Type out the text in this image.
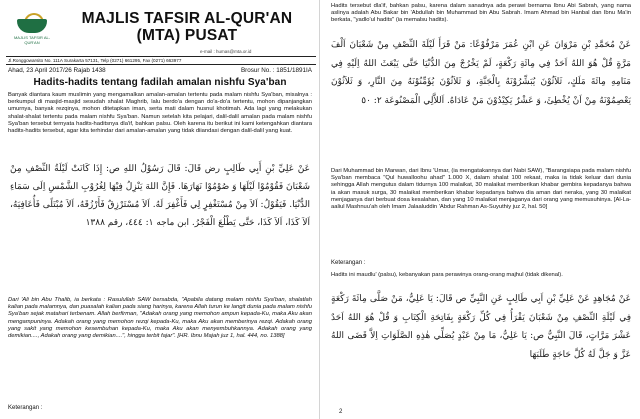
MAJLIS TAFSIR AL-QUR'AN
MAJLIS TAFSIR AL-QUR'AN
(MTA) PUSAT
e-mail : humas@mta.or.id
Jl.Ronggowarsito No. 111A Surakarta 57131, Telp (0271) 661295, Fax (0271) 663977
Ahad, 23 April 2017/26 Rajab 1438	Brosur No. : 1851/1891IA
Hadits-hadits tentang fadilah amalan nishfu Sya'ban
Banyak diantara kaum muslimin yang mengamalkan amalan-amalan tertentu pada malam nishfu Sya'ban, misalnya : berkumpul di masjid-masjid sesudah shalat Maghrib, lalu berdo'a dengan do'a-do'a tertentu, mohon dipanjangkan umurnya, banyak rezqinya, mohon ditetapkan iman, serta mati dalam husnul khotimah. Ada lagi yang melakukan shalat-shalat tertentu pada malam nishfu Sya'ban. Namun setelah kita pelajari, dalil-dalil amalan pada malam nishfu Sya'ban tersebut ternyata hadits-haditsnya dla'if, bahkan palsu. Oleh karena itu berikut ini kami ketengahkan diantara hadits-hadits tersebut, agar kita terhindar dari amalan-amalan yang tidak diiandasi dengan dalil-dalil yang kuat.
عَنْ عَلِيِّ بْنِ أَبِي طَالِبٍ رض قَالَ: قَالَ رَسُوْلُ اللهِ ص: إِذَا كَانَتْ لَيْلَةُ النِّصْفِ مِنْ شَعْبَانَ فَقُوْمُوْا لَيْلَهَا وَ صُوْمُوْا نَهَارَهَا. فَإِنَّ اللهَ يَنْزِلُ فِيْهَا لِغُرُوْبِ الشَّمْسِ اِلَى سَمَاءِ الدُّنْيَا. فَيَقُوْلُ: اَلاَ مِنْ مُسْتَغْفِرٍ لِي فَأَغْفِرَ لَهُ. اَلاَ مُسْتَرْزِقٌ فَأَرْزُقَهُ، اَلاَ مُبْتَلًى فَأُعَافِيَهُ، اَلاَ كَذَا، اَلاَ كَذَا، حَتَّى يَطْلُعَ الْفَجْرُ. ابن ماجه ١: ٤٤٤، رقم ١٣٨٨
Dari 'Ali bin Abu Thalib, ia berkata : Rasulullah SAW bersabda, "Apabila datang malam nishfu Sya'ban, shalatlah kalian pada malamnya, dan puasalah kalian pada siang harinya, karena Allah turun ke langit dunia pada malam nishfu Sya'ban sejak matahari terbenam. Allah berfirman, "Adakah orang yang memohon ampun kepada-Ku, maka Aku akan mengampuninya. Adakah orang yang memohon rezqi kepada-Ku, maka Aku akan memberinya rezqi. Adakah orang yang sakit yang memohon kesembuhan kepada-Ku, maka Aku akan menyembuhkannya. Adakah orang yang demikian...., Adakah orang yang demikian....", hingga terbit fajar". [HR. Ibnu Majah juz 1, hal. 444, no. 1388]
Keterangan :
Hadits tersebut dla'if, bahkan palsu, karena dalam sanadnya ada perawi bernama Ibnu Abi Sabrah, yang nama aslinya adalah Abu Bakar bin 'Abdullah bin Muhammad bin Abu Sabrah. Imam Ahmad bin Hanbal dan Ibnu Ma'in berkata, "yadlo'ul hadits" (ia memalsu hadits).
عَنْ مُحَمَّدِ بْنِ مَرْوَانَ عَنِ ابْنِ عُمَرَ مَرْفُوْعًا: مَنْ قَرَأَ لَيْلَةَ النِّصْفِ مِنْ شَعْبَانَ اَلْفَ مَرَّةٍ قُلْ هُوَ اللهُ اَحَدٌ فِي مِائَةِ رَكْعَةٍ، لَمْ يَخْرُجْ مِنَ الدُّنْيَا حَتَّى يَبْعَثَ اللهُ اِلَيْهِ فِي مَنَامِهِ مِائَةَ مَلَكٍ، ثَلاَثُوْنَ يُبَشِّرُوْنَهُ بِالْجَنَّةِ، وَ ثَلاَثُوْنَ يُؤَمِّنُوْنَهُ مِنَ النَّارِ، وَ ثَلاَثُوْنَ يَعْصِمُوْنَهُ مِنْ اَنْ يُخْطِئَ، وَ عَشْرٌ يَكِيْدُوْنَ مَنْ عَادَاهُ. اَللاَّلِي الْمَصْنُوعَة ٢: ٥٠
Dari Muhammad bin Marwan, dari Ibnu 'Umar, (ia mengatakannya dari Nabi SAW), "Barangsiapa pada malam nishfu Sya'ban membaca "Qul huwalloohu ahad" 1.000 X, dalam shalat 100 rekaat, maka ia tidak keluar dari dunia sehingga Allah mengutus dalam tidurnya 100 malaikat, 30 malaikat memberikan khabar gembira kepadanya bahwa ia akan masuk surga, 30 malaikat memberikan khabar kepadanya bahwa dia aman dari neraka, yang 30 malaikat menjaganya dari berbuat dosa kesalahan, dan yang 10 malaikat menjaganya dari orang yang memusuhinya. [Al-La-aaliul Mashnuu'ah oleh Imam Jalaaluddin 'Abdur Rahman As-Suyuthiy juz 2, hal. 50]
Keterangan :
Hadits ini maudlu' (palsu), kebanyakan para perawinya orang-orang majhul (tidak dikenal).
عَنْ مُجَاهِدٍ عَنْ عَلِيِّ بْنِ اَبِي طَالِبٍ عَنِ النَّبِيِّ ص قَالَ: يَا عَلِيُّ، مَنْ صَلَّى مِائَةَ رَكْعَةٍ فِي لَيْلَةِ النِّصْفِ مِنْ شَعْبَانَ يَقْرَأُ فِي كُلِّ رَكْعَةٍ بِفَاتِحَةِ الْكِتَابِ وَ قُلْ هُوَ اللهُ اَحَدٌ عَشْرَ مَرَّاتٍ، قَالَ النَّبِيُّ ص: يَا عَلِيُّ، مَا مِنْ عَبْدٍ يُصَلِّي هٰذِهِ الصَّلَوَاتِ اِلاَّ قَضَى اللهُ عَزَّ وَ جَلَّ لَهُ كُلَّ حَاجَةٍ طَلَبَهَا
2
